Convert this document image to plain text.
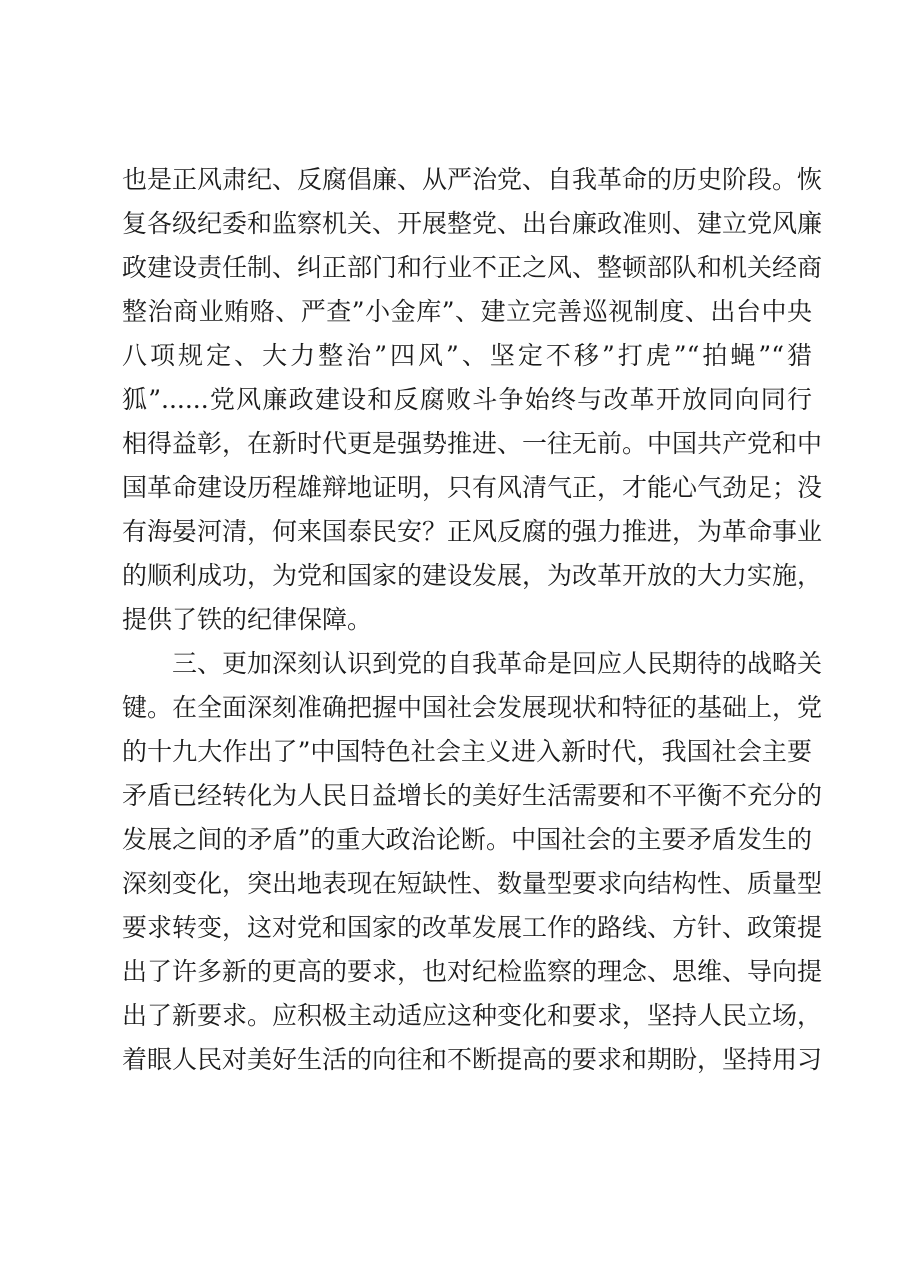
也是正风肃纪、反腐倡廉、从严治党、自我革命的历史阶段。恢
复各级纪委和监察机关、开展整党、出台廉政准则、建立党风廉
政建设责任制、纠正部门和行业不正之风、整顿部队和机关经商
整治商业贿赂、严查”小金库”、建立完善巡视制度、出台中央
八项规定、大力整治”四风”、坚定不移”打虎”“拍蝇”“猎
狐”......党风廉政建设和反腐败斗争始终与改革开放同向同行
相得益彰，在新时代更是强势推进、一往无前。中国共产党和中
国革命建设历程雄辩地证明，只有风清气正，才能心气劲足；没
有海晏河清，何来国泰民安？正风反腐的强力推进，为革命事业
的顺利成功，为党和国家的建设发展，为改革开放的大力实施，
提供了铁的纪律保障。
三、更加深刻认识到党的自我革命是回应人民期待的战略关
键。在全面深刻准确把握中国社会发展现状和特征的基础上，党
的十九大作出了”中国特色社会主义进入新时代，我国社会主要
矛盾已经转化为人民日益增长的美好生活需要和不平衡不充分的
发展之间的矛盾”的重大政治论断。中国社会的主要矛盾发生的
深刻变化，突出地表现在短缺性、数量型要求向结构性、质量型
要求转变，这对党和国家的改革发展工作的路线、方针、政策提
出了许多新的更高的要求，也对纪检监察的理念、思维、导向提
出了新要求。应积极主动适应这种变化和要求，坚持人民立场，
着眼人民对美好生活的向往和不断提高的要求和期盼，坚持用习
